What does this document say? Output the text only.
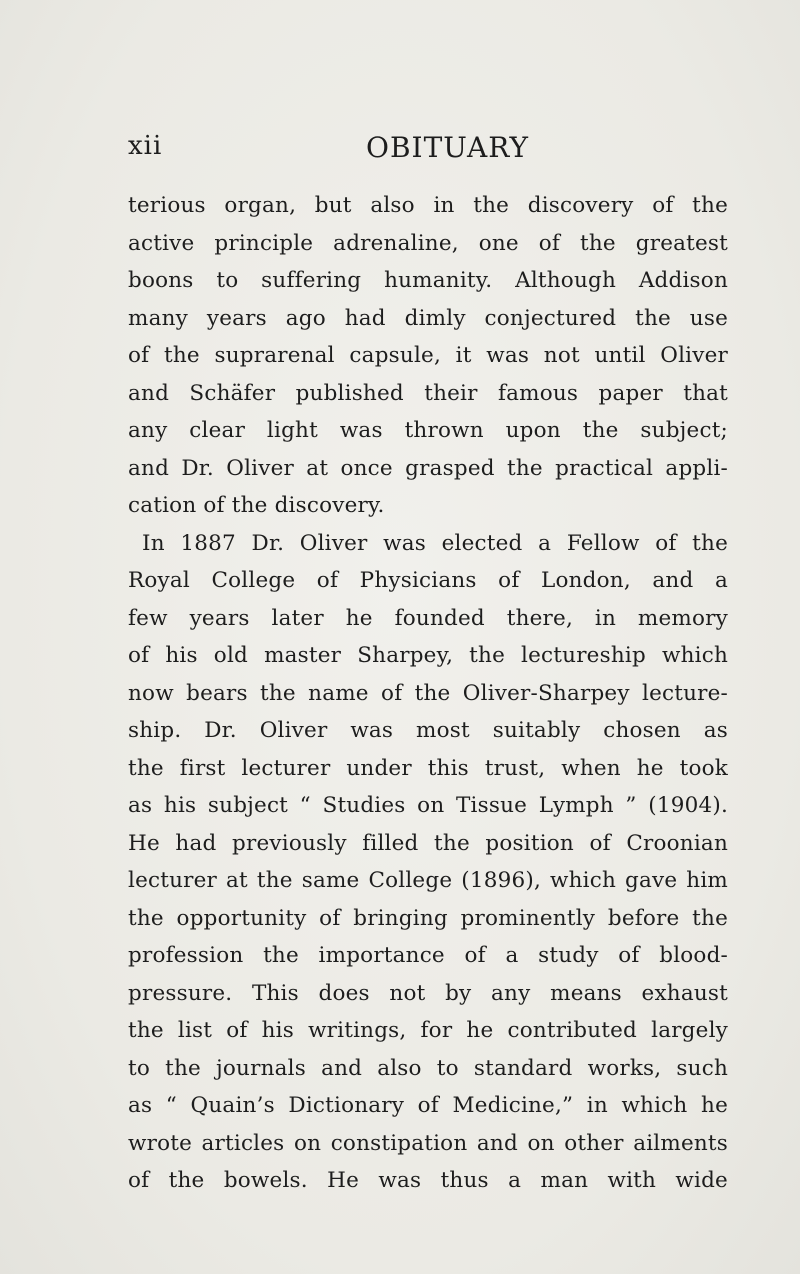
xii	OBITUARY
terious organ, but also in the discovery of the
active principle adrenaline, one of the greatest
boons to suffering humanity. Although Addison
many years ago had dimly conjectured the use
of the suprarenal capsule, it was not until Oliver
and Schäfer published their famous paper that
any clear light was thrown upon the subject;
and Dr. Oliver at once grasped the practical appli-
cation of the discovery.
In 1887 Dr. Oliver was elected a Fellow of the
Royal College of Physicians of London, and a
few years later he founded there, in memory
of his old master Sharpey, the lectureship which
now bears the name of the Oliver-Sharpey lecture-
ship. Dr. Oliver was most suitably chosen as
the first lecturer under this trust, when he took
as his subject “ Studies on Tissue Lymph ” (1904).
He had previously filled the position of Croonian
lecturer at the same College (1896), which gave him
the opportunity of bringing prominently before the
profession the importance of a study of blood-
pressure. This does not by any means exhaust
the list of his writings, for he contributed largely
to the journals and also to standard works, such
as “ Quain’s Dictionary of Medicine,” in which he
wrote articles on constipation and on other ailments
of the bowels. He was thus a man with wide
